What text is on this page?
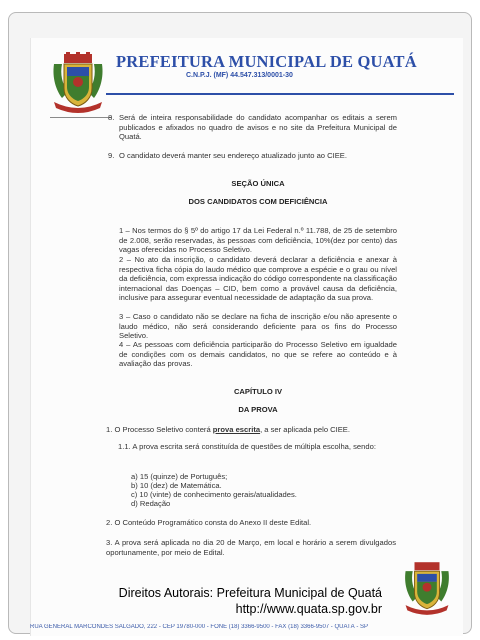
PREFEITURA MUNICIPAL DE QUATÁ
C.N.P.J. (MF) 44.547.313/0001-30
8. Será de inteira responsabilidade do candidato acompanhar os editais a serem publicados e afixados no quadro de avisos e no site da Prefeitura Municipal de Quatá.
9. O candidato deverá manter seu endereço atualizado junto ao CIEE.
SEÇÃO ÚNICA
DOS CANDIDATOS COM DEFICIÊNCIA
1 – Nos termos do § 5º do artigo 17 da Lei Federal n.º 11.788, de 25 de setembro de 2.008, serão reservadas, às pessoas com deficiência, 10%(dez por cento) das vagas oferecidas no Processo Seletivo.
2 – No ato da inscrição, o candidato deverá declarar a deficiência e anexar à respectiva ficha cópia do laudo médico que comprove a espécie e o grau ou nível da deficiência, com expressa indicação do código correspondente na classificação internacional das Doenças – CID, bem como a provável causa da deficiência, inclusive para assegurar eventual necessidade de adaptação da sua prova.
3 – Caso o candidato não se declare na ficha de inscrição e/ou não apresente o laudo médico, não será considerando deficiente para os fins do Processo Seletivo.
4 – As pessoas com deficiência participarão do Processo Seletivo em igualdade de condições com os demais candidatos, no que se refere ao conteúdo e à avaliação das provas.
CAPÍTULO IV
DA PROVA
1. O Processo Seletivo conterá prova escrita, a ser aplicada pelo CIEE.
1.1. A prova escrita será constituída de questões de múltipla escolha, sendo:
a) 15 (quinze) de Português;
b) 10 (dez) de Matemática.
c) 10 (vinte) de conhecimento gerais/atualidades.
d) Redação
2. O Conteúdo Programático consta do Anexo II deste Edital.
3. A prova será aplicada no dia 20 de Março, em local e horário a serem divulgados oportunamente, por meio de Edital.
Direitos Autorais: Prefeitura Municipal de Quatá
http://www.quata.sp.gov.br
RUA GENERAL MARCONDES SALGADO, 222 - CEP 19780-000 - FONE (18) 3366-9500 - FAX (18) 3366-9507 - QUATÁ - SP
